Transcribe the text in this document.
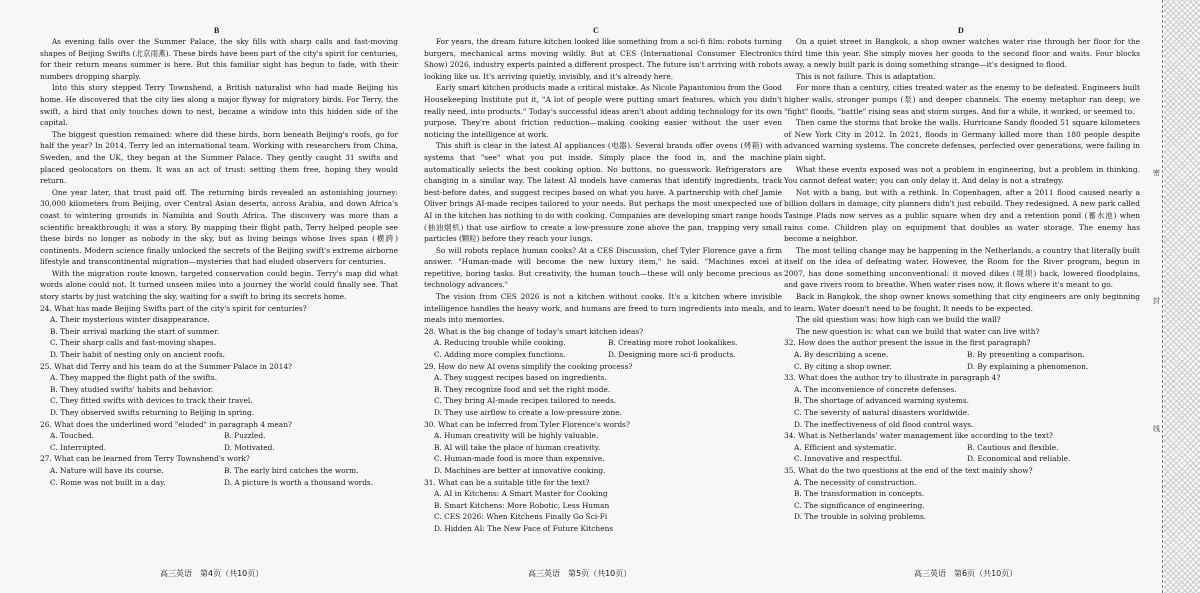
B	C	D

As evening falls over the Summer Palace, the sky fills with sharp calls and fast-moving shapes of Beijing Swifts (北京雨燕). These birds have been part of the city's spirit for centuries, for their return means summer is here. But this familiar sight has begun to fade, with their numbers dropping sharply.

Into this story stepped Terry Townshend, a British naturalist who had made Beijing his home. He discovered that the city lies along a major flyway for migratory birds. For Terry, the swift, a bird that only touches down to nest, became a window into this hidden side of the capital.

The biggest question remained: where did these birds, born beneath Beijing's roofs, go for half the year? In 2014, Terry led an international team. Working with researchers from China, Sweden, and the UK, they began at the Summer Palace. They gently caught 31 swifts and placed geolocators on them. It was an act of trust: setting them free, hoping they would return.

One year later, that trust paid off. The returning birds revealed an astonishing journey: 30,000 kilometers from Beijing, over Central Asian deserts, across Arabia, and down Africa's coast to wintering grounds in Namibia and South Africa. The discovery was more than a scientific breakthrough; it was a story. By mapping their flight path, Terry helped people see these birds no longer as nobody in the sky, but as living beings whose lives span (横跨) continents. Modern science finally unlocked the secrets of the Beijing swift's extreme airborne lifestyle and transcontinental migration—mysteries that had eluded observers for centuries.

With the migration route known, targeted conservation could begin. Terry's map did what words alone could not. It turned unseen miles into a journey the world could finally see. That story starts by just watching the sky, waiting for a swift to bring its secrets home.

24. What has made Beijing Swifts part of the city's spirit for centuries?

A. Their mysterious winter disappearance.

B. Their arrival marking the start of summer.

C. Their sharp calls and fast-moving shapes.

D. Their habit of nesting only on ancient roofs.

25. What did Terry and his team do at the Summer Palace in 2014?

A. They mapped the flight path of the swifts.

B. They studied swifts' habits and behavior.

C. They fitted swifts with devices to track their travel.

D. They observed swifts returning to Beijing in spring.

26. What does the underlined word "eluded" in paragraph 4 mean?

A. Touched.	B. Puzzled.
C. Interrupted.	D. Motivated.

27. What can be learned from Terry Townshend's work?

A. Nature will have its course.	B. The early bird catches the worm.
C. Rome was not built in a day.	D. A picture is worth a thousand words.

For years, the dream future kitchen looked like something from a sci-fi film: robots turning burgers, mechanical arms moving wildly. But at CES (International Consumer Electronics Show) 2026, industry experts painted a different prospect. The future isn't arriving with robots looking like us. It's arriving quietly, invisibly, and it's already here.

Early smart kitchen products made a critical mistake. As Nicole Papantoniou from the Good Housekeeping Institute put it, "A lot of people were putting smart features, which you didn't really need, into products." Today's successful ideas aren't about adding technology for its own purpose. They're about friction reduction—making cooking easier without the user even noticing the intelligence at work.

This shift is clear in the latest AI appliances (电器). Several brands offer ovens (烤箱) with systems that "see" what you put inside. Simply place the food in, and the machine automatically selects the best cooking option. No buttons, no guesswork. Refrigerators are changing in a similar way. The latest AI models have cameras that identify ingredients, track best-before dates, and suggest recipes based on what you have. A partnership with chef Jamie Oliver brings AI-made recipes tailored to your needs. But perhaps the most unexpected use of AI in the kitchen has nothing to do with cooking. Companies are developing smart range hoods (抽油烟机) that use airflow to create a low-pressure zone above the pan, trapping very small particles (颗粒) before they reach your lungs.

So will robots replace human cooks? At a CES Discussion, chef Tyler Florence gave a firm answer. "Human-made will become the new luxury item," he said. "Machines excel at repetitive, boring tasks. But creativity, the human touch—these will only become precious as technology advances."

The vision from CES 2026 is not a kitchen without cooks. It's a kitchen where invisible intelligence handles the heavy work, and humans are freed to turn ingredients into meals, and meals into memories.

28. What is the big change of today's smart kitchen ideas?

A. Reducing trouble while cooking.	B. Creating more robot lookalikes.
C. Adding more complex functions.	D. Designing more sci-fi products.

29. How do new AI ovens simplify the cooking process?

A. They suggest recipes based on ingredients.

B. They recognize food and set the right mode.

C. They bring AI-made recipes tailored to needs.

D. They use airflow to create a low-pressure zone.

30. What can be inferred from Tyler Florence's words?

A. Human creativity will be highly valuable.

B. AI will take the place of human creativity.

C. Human-made food is more than expensive.

D. Machines are better at innovative cooking.

31. What can be a suitable title for the text?

A. AI in Kitchens: A Smart Master for Cooking

B. Smart Kitchens: More Robotic, Less Human

C. CES 2026: When Kitchens Finally Go Sci-Fi

D. Hidden AI: The New Face of Future Kitchens

On a quiet street in Bangkok, a shop owner watches water rise through her floor for the third time this year. She simply moves her goods to the second floor and waits. Four blocks away, a newly built park is doing something strange—it's designed to flood.

This is not failure. This is adaptation.

For more than a century, cities treated water as the enemy to be defeated. Engineers built higher walls, stronger pumps (泵) and deeper channels. The enemy metaphor ran deep; we "fight" floods, "battle" rising seas and storm surges. And for a while, it worked, or seemed to.

Then came the storms that broke the walls. Hurricane Sandy flooded 51 square kilometers of New York City in 2012. In 2021, floods in Germany killed more than 180 people despite advanced warning systems. The concrete defenses, perfected over generations, were failing in plain sight.

What these events exposed was not a problem in engineering, but a problem in thinking. You cannot defeat water; you can only delay it. And delay is not a strategy.

Not with a bang, but with a rethink. In Copenhagen, after a 2011 flood caused nearly a billion dollars in damage, city planners didn't just rebuild. They redesigned. A new park called Tasinge Plads now serves as a public square when dry and a retention pond (蓄水池) when rains come. Children play on equipment that doubles as water storage. The enemy has become a neighbor.

The most telling change may be happening in the Netherlands, a country that literally built itself on the idea of defeating water. However, the Room for the River program, begun in 2007, has done something unconventional: it moved dikes (堤坝) back, lowered floodplains, and gave rivers room to breathe. When water rises now, it flows where it's meant to go.

Back in Bangkok, the shop owner knows something that city engineers are only beginning to learn. Water doesn't need to be fought. It needs to be expected.

The old question was: how high can we build the wall?

The new question is: what can we build that water can live with?

32. How does the author present the issue in the first paragraph?

A. By describing a scene.	B. By presenting a comparison.
C. By citing a shop owner.	D. By explaining a phenomenon.

33. What does the author try to illustrate in paragraph 4?

A. The inconvenience of concrete defenses.

B. The shortage of advanced warning systems.

C. The severity of natural disasters worldwide.

D. The ineffectiveness of old flood control ways.

34. What is Netherlands' water management like according to the text?

A. Efficient and systematic.	B. Cautious and flexible.
C. Innovative and respectful.	D. Economical and reliable.

35. What do the two questions at the end of the text mainly show?

A. The necessity of construction.

B. The transformation in concepts.

C. The significance of engineering.

D. The trouble in solving problems.

高三英语　第4页（共10页）	高三英语　第5页（共10页）	高三英语　第6页（共10页）
密
封
线
